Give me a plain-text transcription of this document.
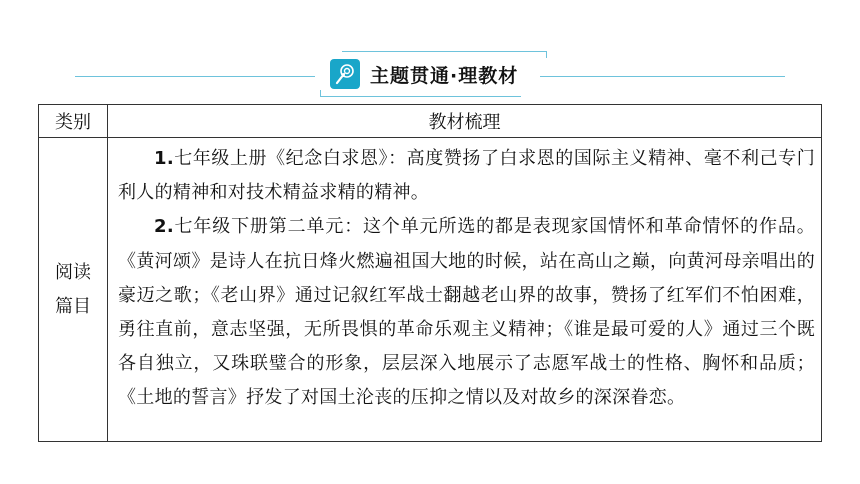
主题贯通·理教材
类别	教材梳理

阅读篇目	1.七年级上册《纪念白求恩》：高度赞扬了白求恩的国际主义精神、毫不利己专门利人的精神和对技术精益求精的精神。

2.七年级下册第二单元：这个单元所选的都是表现家国情怀和革命情怀的作品。《黄河颂》是诗人在抗日烽火燃遍祖国大地的时候，站在高山之巅，向黄河母亲唱出的豪迈之歌；《老山界》通过记叙红军战士翻越老山界的故事，赞扬了红军们不怕困难，勇往直前，意志坚强，无所畏惧的革命乐观主义精神；《谁是最可爱的人》通过三个既各自独立，又珠联璧合的形象，层层深入地展示了志愿军战士的性格、胸怀和品质；《土地的誓言》抒发了对国土沦丧的压抑之情以及对故乡的深深眷恋。
